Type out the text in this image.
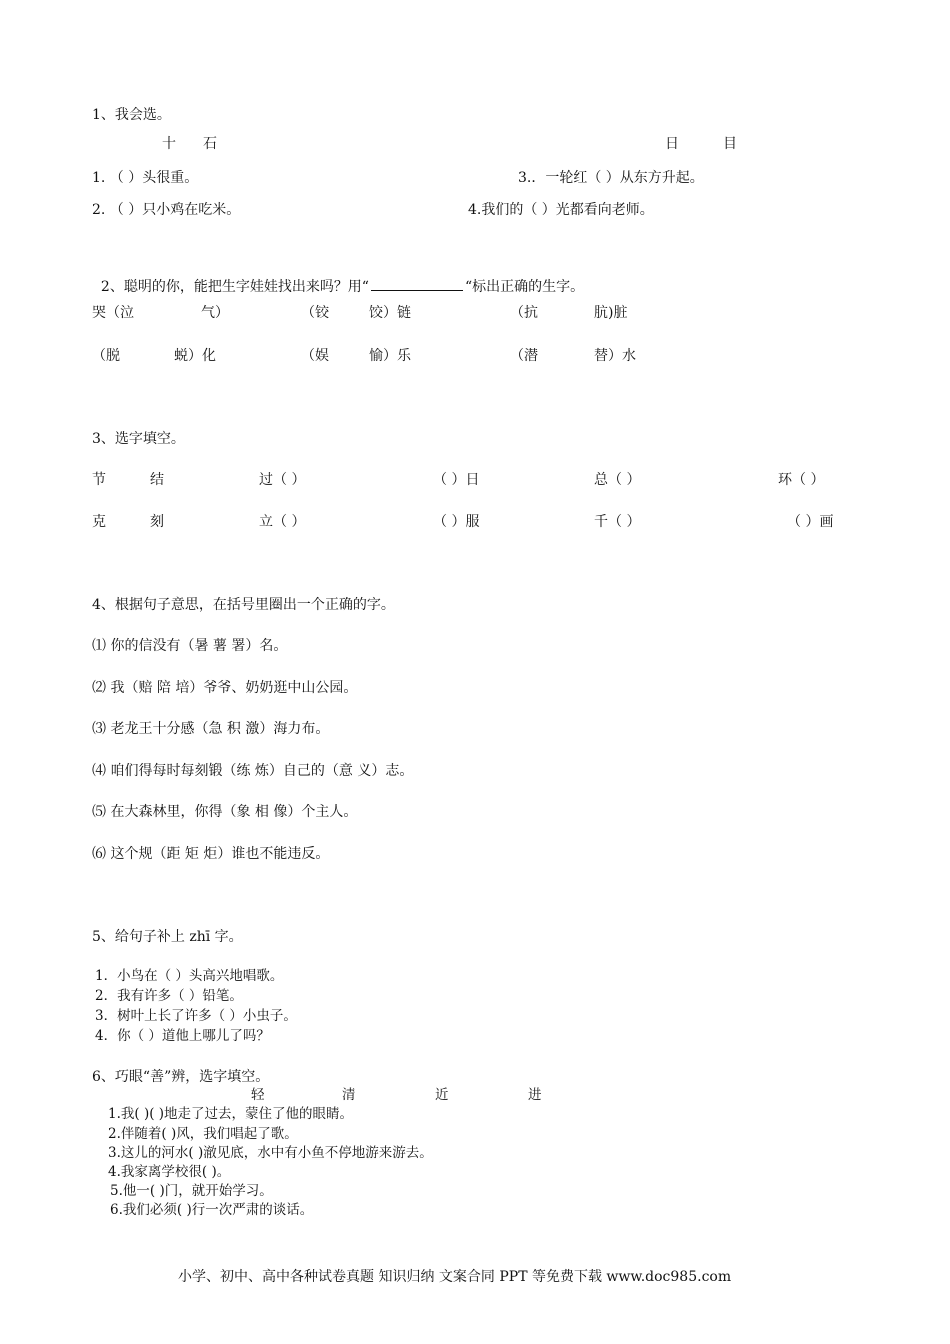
1、我会选。
十 石	日	目
1. （ ）头很重。
2. （ ）只小鸡在吃米。
3.．一轮红（ ）从东方升起。
4.我们的（ ）光都看向老师。

2、聪明的你，能把生字娃娃找出来吗？用“	“标出正确的生字。

哭（泣	气）	（铰	饺）链	（抗	肮)脏
（脱	蜕）化	（娱	愉）乐	（潜	替）水
3、选字填空。
节	结	过（ ）	（ ）日	总（ ）	环（ ）
克	刻	立（ ）	（ ）服	千（ ）	（ ）画
4、根据句子意思，在括号里圈出一个正确的字。
⑴ 你的信没有（暑 薯 署）名。
⑵ 我（赔 陪 培）爷爷、奶奶逛中山公园。
⑶ 老龙王十分感（急 积 激）海力布。
⑷ 咱们得每时每刻锻（练 炼）自己的（意 义）志。
⑸ 在大森林里，你得（象 相 像）个主人。
⑹ 这个规（距 矩 炬）谁也不能违反。
5、给句子补上 zhī 字。
1．小鸟在（ ）头高兴地唱歌。
2．我有许多（ ）铅笔。
3．树叶上长了许多（ ）小虫子。
4．你（ ）道他上哪儿了吗？
6、巧眼“善”辨，选字填空。
轻	清	近	进
1.我( )( )地走了过去，蒙住了他的眼睛。
2.伴随着( )风，我们唱起了歌。
3.这儿的河水( )澈见底，水中有小鱼不停地游来游去。
4.我家离学校很( )。
5.他一( )门，就开始学习。
6.我们必须( )行一次严肃的谈话。
小学、初中、高中各种试卷真题 知识归纳 文案合同 PPT 等免费下载 www.doc985.com
